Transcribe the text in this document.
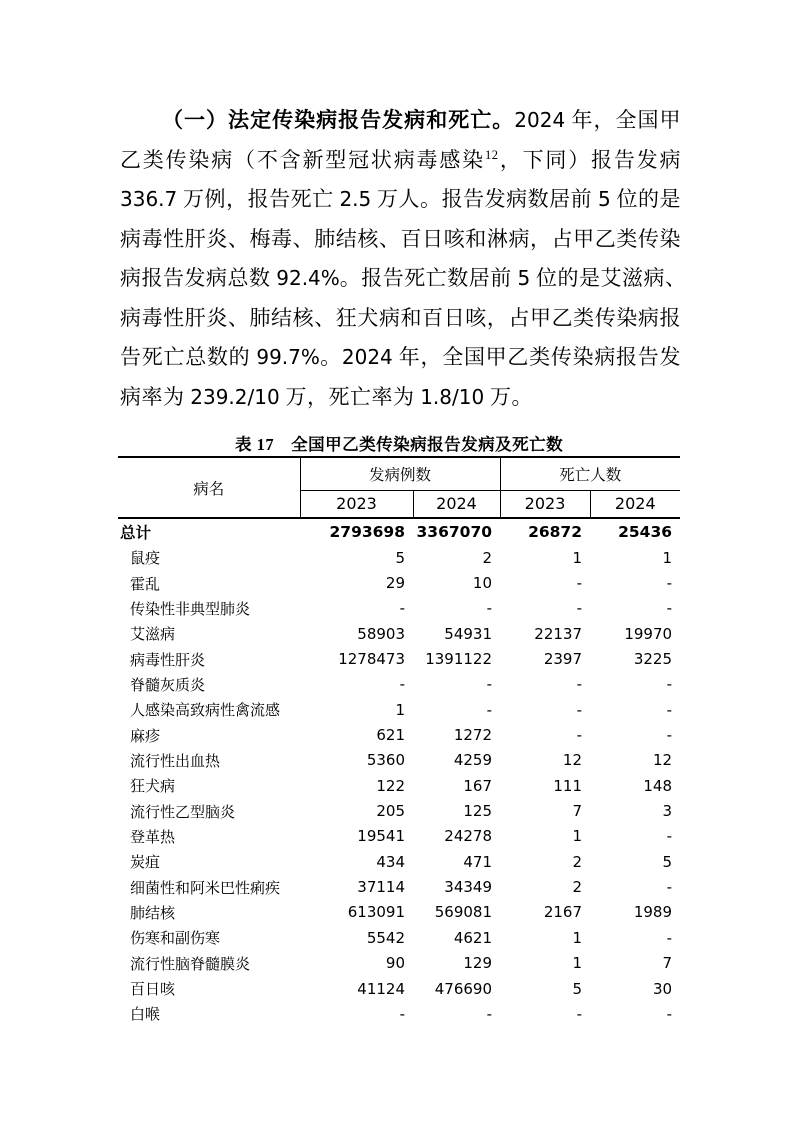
（一）法定传染病报告发病和死亡。2024 年，全国甲
乙类传染病（不含新型冠状病毒感染$^{12}$，下同）报告发病
336.7 万例，报告死亡 2.5 万人。报告发病数居前 5 位的是
病毒性肝炎、梅毒、肺结核、百日咳和淋病，占甲乙类传染
病报告发病总数 92.4%。报告死亡数居前 5 位的是艾滋病、
病毒性肝炎、肺结核、狂犬病和百日咳，占甲乙类传染病报
告死亡总数的 99.7%。2024 年，全国甲乙类传染病报告发
病率为 239.2/10 万，死亡率为 1.8/10 万。
表 17　全国甲乙类传染病报告发病及死亡数
病名	发病例数		死亡人数	
	2023	2024	2023	2024
总计	2793698	3367070	26872	25436
鼠疫	5	2	1	1
霍乱	29	10	-	-
传染性非典型肺炎	-	-	-	-
艾滋病	58903	54931	22137	19970
病毒性肝炎	1278473	1391122	2397	3225
脊髓灰质炎	-	-	-	-
人感染高致病性禽流感	1	-	-	-
麻疹	621	1272	-	-
流行性出血热	5360	4259	12	12
狂犬病	122	167	111	148
流行性乙型脑炎	205	125	7	3
登革热	19541	24278	1	-
炭疽	434	471	2	5
细菌性和阿米巴性痢疾	37114	34349	2	-
肺结核	613091	569081	2167	1989
伤寒和副伤寒	5542	4621	1	-
流行性脑脊髓膜炎	90	129	1	7
百日咳	41124	476690	5	30
白喉	-	-	-	-
